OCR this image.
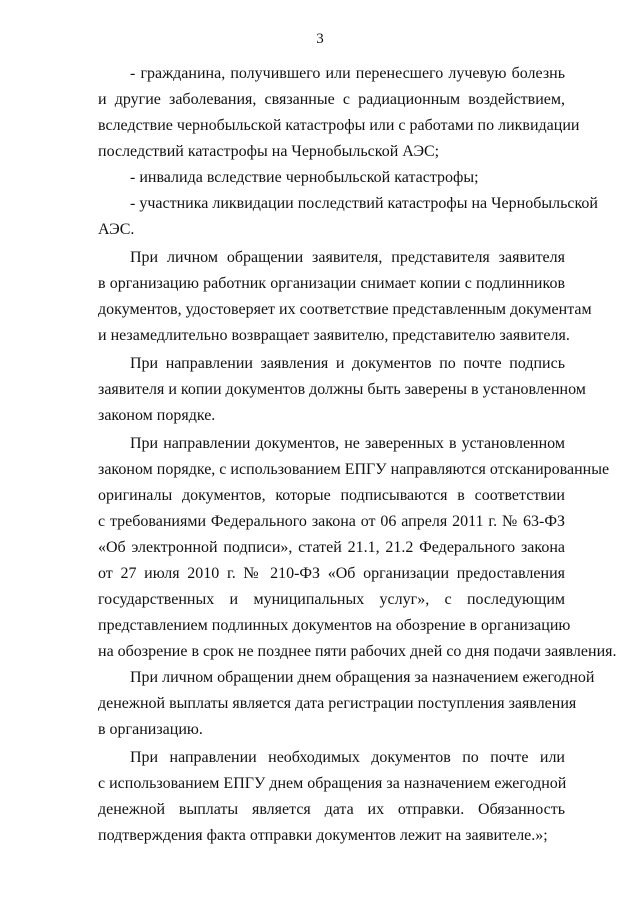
3
- гражданина, получившего или перенесшего лучевую болезнь
и другие заболевания, связанные с радиационным воздействием,
вследствие чернобыльской катастрофы или с работами по ликвидации
последствий катастрофы на Чернобыльской АЭС;
- инвалида вследствие чернобыльской катастрофы;
- участника ликвидации последствий катастрофы на Чернобыльской
АЭС.
При личном обращении заявителя, представителя заявителя
в организацию работник организации снимает копии с подлинников
документов, удостоверяет их соответствие представленным документам
и незамедлительно возвращает заявителю, представителю заявителя.
При направлении заявления и документов по почте подпись
заявителя и копии документов должны быть заверены в установленном
законом порядке.
При направлении документов, не заверенных в установленном
законом порядке, с использованием ЕПГУ направляются отсканированные
оригиналы документов, которые подписываются в соответствии
с требованиями Федерального закона от 06 апреля 2011 г. № 63-ФЗ
«Об электронной подписи», статей 21.1, 21.2 Федерального закона
от 27 июля 2010 г. № 210-ФЗ «Об организации предоставления
государственных и муниципальных услуг», с последующим
представлением подлинных документов на обозрение в организацию
на обозрение в срок не позднее пяти рабочих дней со дня подачи заявления.
При личном обращении днем обращения за назначением ежегодной
денежной выплаты является дата регистрации поступления заявления
в организацию.
При направлении необходимых документов по почте или
с использованием ЕПГУ днем обращения за назначением ежегодной
денежной выплаты является дата их отправки. Обязанность
подтверждения факта отправки документов лежит на заявителе.»;
